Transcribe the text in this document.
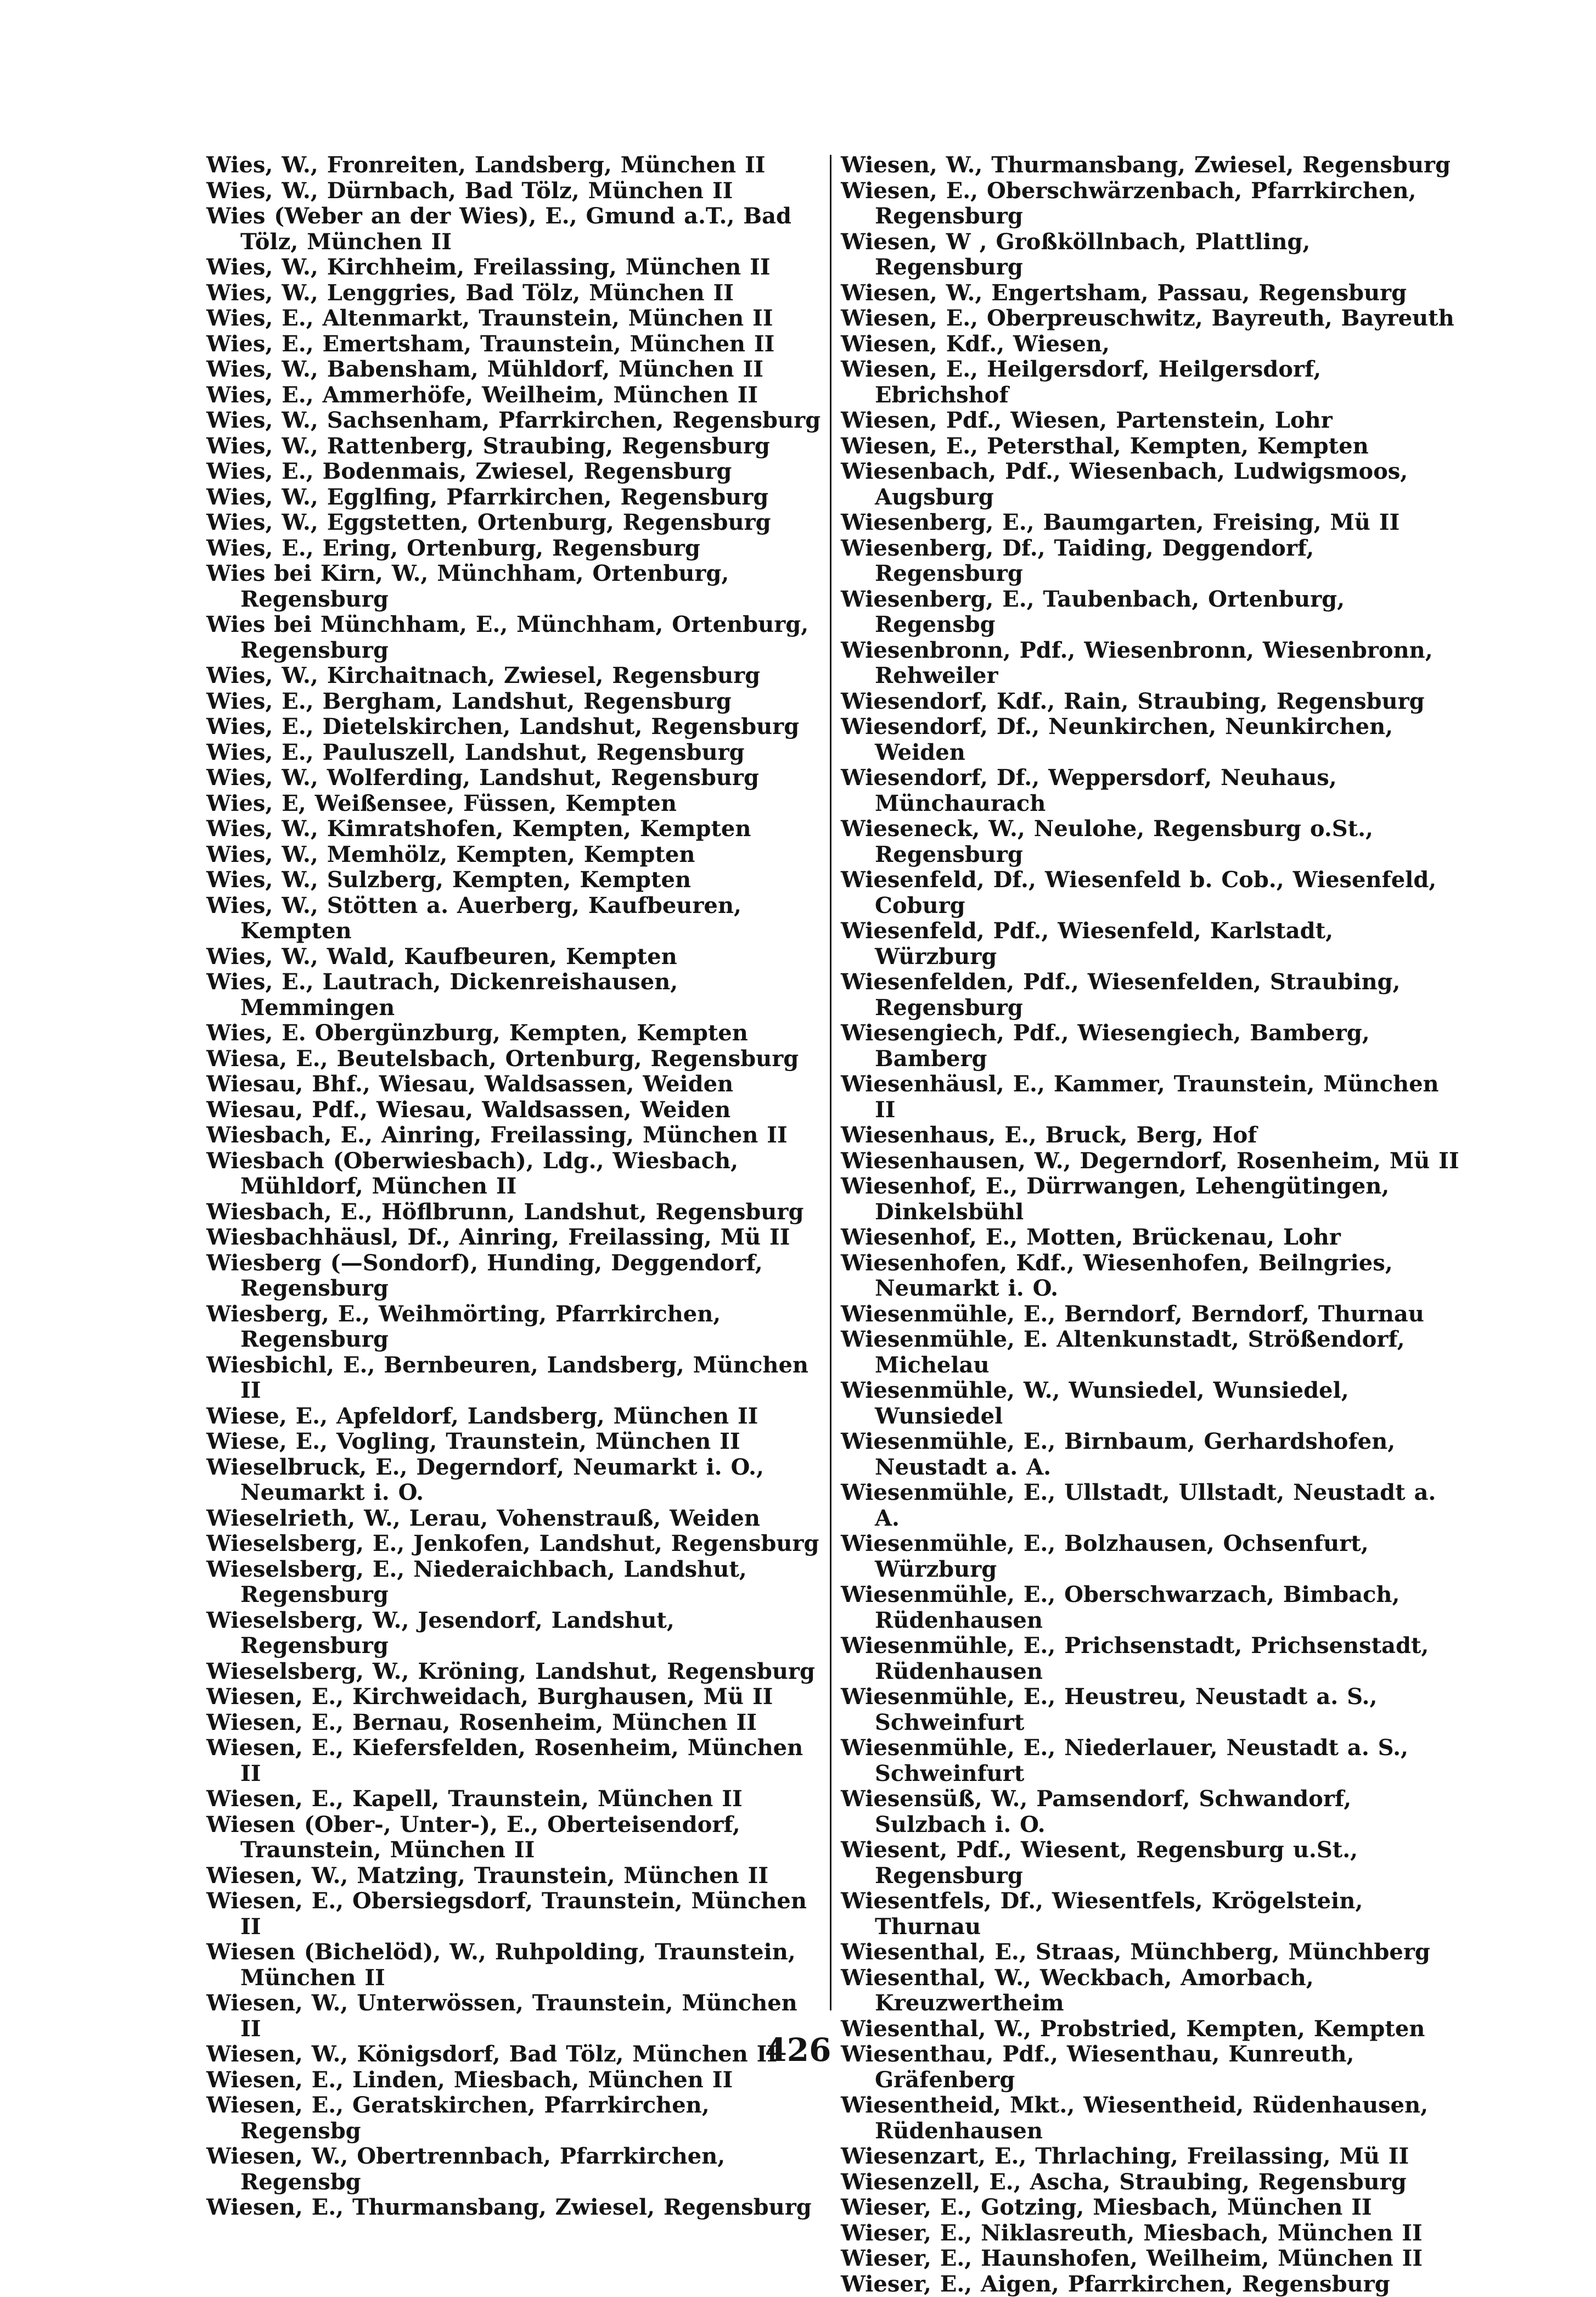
Wies, W., Fronreiten, Landsberg, München II
Wies, W., Dürnbach, Bad Tölz, München II
Wies (Weber an der Wies), E., Gmund a.T., Bad Tölz, München II
Wies, W., Kirchheim, Freilassing, München II
Wies, W., Lenggries, Bad Tölz, München II
Wies, E., Altenmarkt, Traunstein, München II
Wies, E., Emertsham, Traunstein, München II
Wies, W., Babensham, Mühldorf, München II
Wies, E., Ammerhöfe, Weilheim, München II
Wies, W., Sachsenham, Pfarrkirchen, Regensburg
Wies, W., Rattenberg, Straubing, Regensburg
Wies, E., Bodenmais, Zwiesel, Regensburg
Wies, W., Egglfing, Pfarrkirchen, Regensburg
Wies, W., Eggstetten, Ortenburg, Regensburg
Wies, E., Ering, Ortenburg, Regensburg
Wies bei Kirn, W., Münchham, Ortenburg, Regensburg
Wies bei Münchham, E., Münchham, Ortenburg, Regensburg
Wies, W., Kirchaitnach, Zwiesel, Regensburg
Wies, E., Bergham, Landshut, Regensburg
Wies, E., Dietelskirchen, Landshut, Regensburg
Wies, E., Pauluszell, Landshut, Regensburg
Wies, W., Wolferding, Landshut, Regensburg
Wies, E, Weißensee, Füssen, Kempten
Wies, W., Kimratshofen, Kempten, Kempten
Wies, W., Memhölz, Kempten, Kempten
Wies, W., Sulzberg, Kempten, Kempten
Wies, W., Stötten a. Auerberg, Kaufbeuren, Kempten
Wies, W., Wald, Kaufbeuren, Kempten
Wies, E., Lautrach, Dickenreishausen, Memmingen
Wies, E. Obergünzburg, Kempten, Kempten
Wiesa, E., Beutelsbach, Ortenburg, Regensburg
Wiesau, Bhf., Wiesau, Waldsassen, Weiden
Wiesau, Pdf., Wiesau, Waldsassen, Weiden
Wiesbach, E., Ainring, Freilassing, München II
Wiesbach (Oberwiesbach), Ldg., Wiesbach, Mühldorf, München II
Wiesbach, E., Höflbrunn, Landshut, Regensburg
Wiesbachhäusl, Df., Ainring, Freilassing, Mü II
Wiesberg (—Sondorf), Hunding, Deggendorf, Regensburg
Wiesberg, E., Weihmörting, Pfarrkirchen, Regensburg
Wiesbichl, E., Bernbeuren, Landsberg, München II
Wiese, E., Apfeldorf, Landsberg, München II
Wiese, E., Vogling, Traunstein, München II
Wieselbruck, E., Degerndorf, Neumarkt i. O., Neumarkt i. O.
Wieselrieth, W., Lerau, Vohenstrauß, Weiden
Wiesel​sberg, E., Jenkofen, Landshut, Regensburg
Wieselsberg, E., Niederaichbach, Landshut, Regensburg
Wieselsberg, W., Jesendorf, Landshut, Regensburg
Wieselsberg, W., Kröning, Landshut, Regensburg
Wiesen, E., Kirchweidach, Burghausen, Mü II
Wiesen, E., Bernau, Rosenheim, München II
Wiesen, E., Kiefersfelden, Rosenheim, München II
Wiesen, E., Kapell, Traunstein, München II
Wiesen (Ober-, Unter-), E., Oberteisendorf, Traunstein, München II
Wiesen, W., Matzing, Traunstein, München II
Wiesen, E., Obersiegsdorf, Traunstein, München II
Wiesen (Bichelöd), W., Ruhpolding, Traunstein, München II
Wiesen, W., Unterwössen, Traunstein, München II
Wiesen, W., Königsdorf, Bad Tölz, München II
Wiesen, E., Linden, Miesbach, München II
Wiesen, E., Geratskirchen, Pfarrkirchen, Regensbg
Wiesen, W., Obertrennbach, Pfarrkirchen, Regensbg
Wiesen, E., Thurmansbang, Zwiesel, Regensburg
Wiesen, W., Thurmansbang, Zwiesel, Regensburg
Wiesen, E., Oberschwärzenbach, Pfarrkirchen, Regensburg
Wiesen, W , Großköllnbach, Plattling, Regensburg
Wiesen, W., Engertsham, Passau, Regensburg
Wiesen, E., Oberpreuschwitz, Bayreuth, Bayreuth
Wiesen, Kdf., Wiesen,
Wiesen, E., Heilgersdorf, Heilgersdorf, Ebrichshof
Wiesen, Pdf., Wiesen, Partenstein, Lohr
Wiesen, E., Petersthal, Kempten, Kempten
Wiesenbach, Pdf., Wiesenbach, Ludwigsmoos, Augsburg
Wiesenberg, E., Baumgarten, Freising, Mü II
Wiesenberg, Df., Taiding, Deggendorf, Regensburg
Wiesenberg, E., Taubenbach, Ortenburg, Regensbg
Wiesenbronn, Pdf., Wiesenbronn, Wiesenbronn, Rehweiler
Wiesendorf, Kdf., Rain, Straubing, Regensburg
Wiesendorf, Df., Neunkirchen, Neunkirchen, Weiden
Wiesendorf, Df., Weppersdorf, Neuhaus, Münchaurach
Wieseneck, W., Neulohe, Regensburg o.St., Regensburg
Wiesenfeld, Df., Wiesenfeld b. Cob., Wiesenfeld, Coburg
Wiesenfeld, Pdf., Wiesenfeld, Karlstadt, Würzburg
Wiesenfelden, Pdf., Wiesenfelden, Straubing, Regensburg
Wiesengiech, Pdf., Wiesengiech, Bamberg, Bamberg
Wiesenhäusl, E., Kammer, Traunstein, München II
Wiesenhaus, E., Bruck, Berg, Hof
Wiesenhausen, W., Degerndorf, Rosenheim, Mü II
Wiesenhof, E., Dürrwangen, Lehengütingen, Dinkelsbühl
Wiesenhof, E., Motten, Brückenau, Lohr
Wiesenhofen, Kdf., Wiesenhofen, Beilngries, Neumarkt i. O.
Wiesenmühle, E., Berndorf, Berndorf, Thurnau
Wiesenmühle, E. Altenkunstadt, Strößendorf, Michelau
Wiesenmühle, W., Wunsiedel, Wunsiedel, Wunsiedel
Wiesenmühle, E., Birnbaum, Gerhardshofen, Neustadt a. A.
Wiesenmühle, E., Ullstadt, Ullstadt, Neustadt a. A.
Wiesenmühle, E., Bolzhausen, Ochsenfurt, Würzburg
Wiesenmühle, E., Oberschwarzach, Bimbach, Rüdenhausen
Wiesenmühle, E., Prichsenstadt, Prichsenstadt, Rüdenhausen
Wiesenmühle, E., Heustreu, Neustadt a. S., Schweinfurt
Wiesenmühle, E., Niederlauer, Neustadt a. S., Schweinfurt
Wiesensüß, W., Pamsendorf, Schwandorf, Sulzbach i. O.
Wiesent, Pdf., Wiesent, Regensburg u.St., Regensburg
Wiesentfels, Df., Wiesentfels, Krögelstein, Thurnau
Wiesenthal, E., Straas, Münchberg, Münchberg
Wiesenthal, W., Weckbach, Amorbach, Kreuzwertheim
Wiesenthal, W., Probstried, Kempten, Kempten
Wiesenthau, Pdf., Wiesenthau, Kunreuth, Gräfenberg
Wiesentheid, Mkt., Wiesentheid, Rüdenhausen, Rüdenhausen
Wiesenzart, E., Thrlaching, Freilassing, Mü II
Wiesenzell, E., Ascha, Straubing, Regensburg
Wieser, E., Gotzing, Miesbach, München II
Wieser, E., Niklasreuth, Miesbach, München II
Wieser, E., Haunshofen, Weilheim, München II
Wieser, E., Aigen, Pfarrkirchen, Regensburg
426
